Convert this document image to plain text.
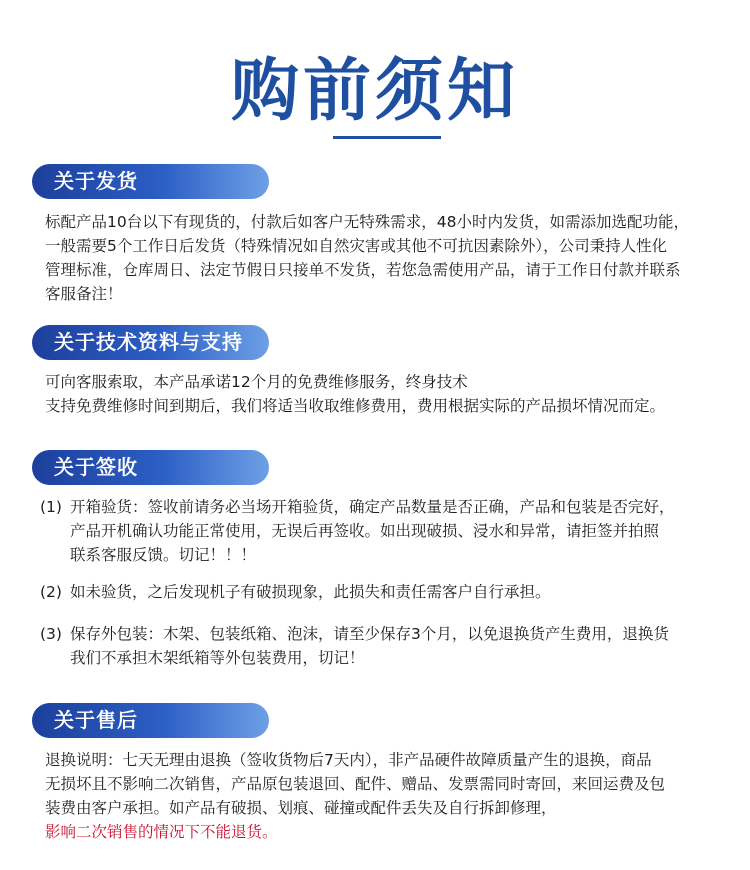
购前须知
关于发货
标配产品10台以下有现货的，付款后如客户无特殊需求，48小时内发货，如需添加选配功能，
一般需要5个工作日后发货（特殊情况如自然灾害或其他不可抗因素除外），公司秉持人性化
管理标准，仓库周日、法定节假日只接单不发货，若您急需使用产品，请于工作日付款并联系
客服备注！
关于技术资料与支持
可向客服索取，本产品承诺12个月的免费维修服务，终身技术
支持免费维修时间到期后，我们将适当收取维修费用，费用根据实际的产品损坏情况而定。
关于签收
(1) 开箱验货：签收前请务必当场开箱验货，确定产品数量是否正确，产品和包装是否完好，
产品开机确认功能正常使用，无误后再签收。如出现破损、浸水和异常，请拒签并拍照
联系客服反馈。切记！！！
(2) 如未验货，之后发现机子有破损现象，此损失和责任需客户自行承担。
(3) 保存外包装：木架、包装纸箱、泡沫，请至少保存3个月，以免退换货产生费用，退换货
我们不承担木架纸箱等外包装费用，切记！
关于售后
退换说明：七天无理由退换（签收货物后7天内），非产品硬件故障质量产生的退换，商品
无损坏且不影响二次销售，产品原包装退回、配件、赠品、发票需同时寄回，来回运费及包
装费由客户承担。如产品有破损、划痕、碰撞或配件丢失及自行拆卸修理，
影响二次销售的情况下不能退货。
